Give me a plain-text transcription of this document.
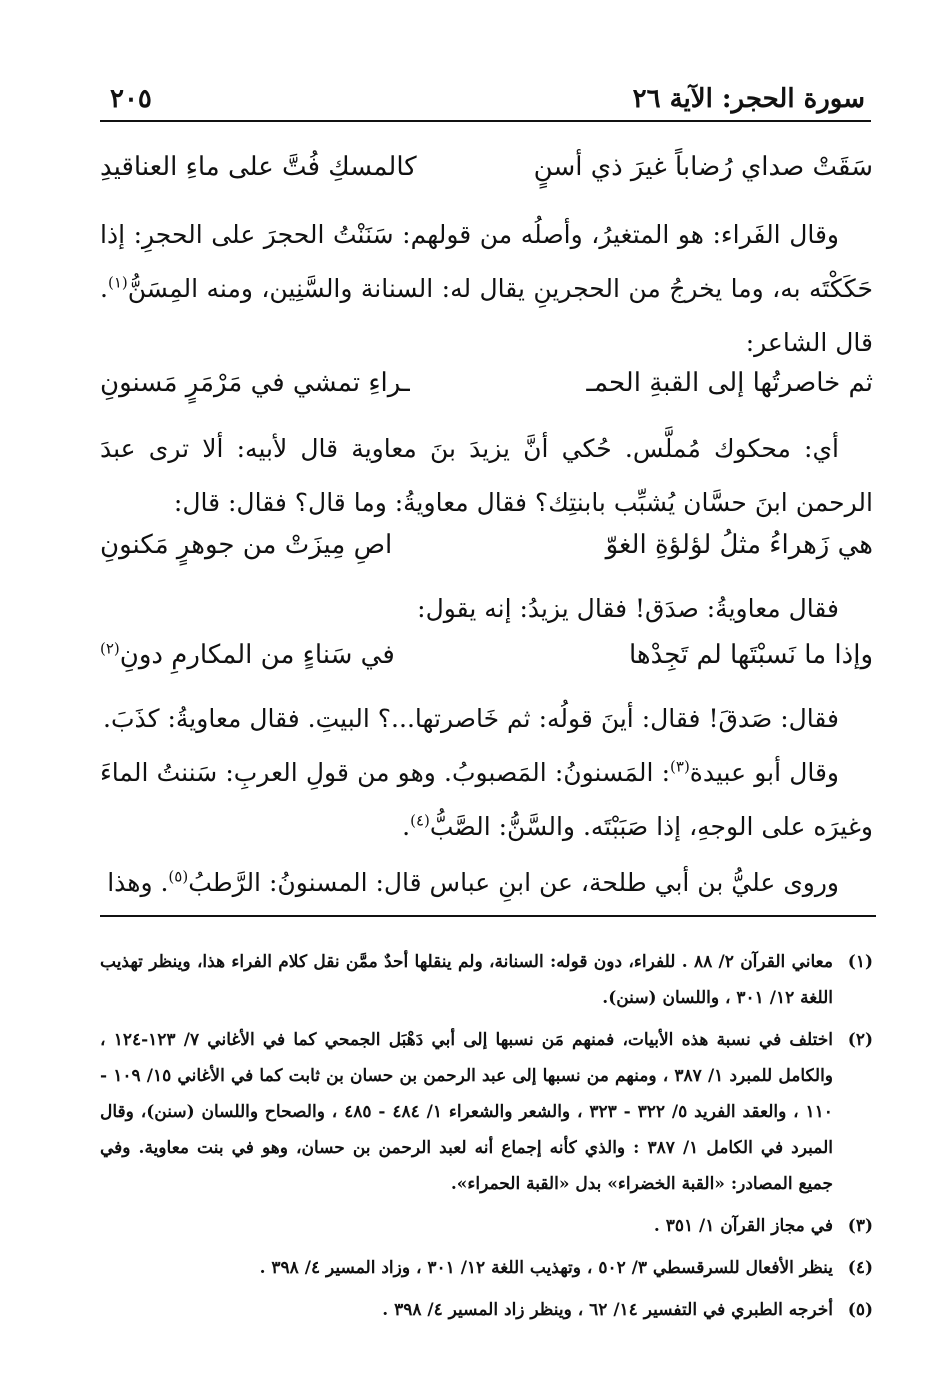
سورة الحجر: الآية ٢٦
٢٠٥
سَقَتْ صداي رُضاباً غيرَ ذي أسنٍ
كالمسكِ فُتَّ على ماءِ العناقيدِ
وقال الفَراء: هو المتغيرُ، وأصلُه من قولهم: سَنَنْتُ الحجرَ على الحجرِ: إذا حَكَكْتَه به، وما يخرجُ من الحجرينِ يقال له: السنانة والسَّنِين، ومنه المِسَنُّ$^{(١)}$. قال الشاعر:
ثم خاصرتُها إلى القبةِ الحمـ
ـراءِ تمشي في مَرْمَرٍ مَسنونِ
أي: محكوك مُملَّس. حُكي أنَّ يزيدَ بنَ معاوية قال لأبيه: ألا ترى عبدَ الرحمن ابنَ حسَّان يُشبِّب بابنتِك؟ فقال معاويةُ: وما قال؟ فقال: قال:
هي زَهراءُ مثلُ لؤلؤةِ الغوّ
اصِ مِيزَتْ من جوهرٍ مَكنونِ
فقال معاويةُ: صدَق! فقال يزيدُ: إنه يقول:
وإذا ما نَسبْتَها لم تَجِدْها
في سَناءٍ من المكارمِ دونِ$^{(٢)}$
فقال: صَدقَ! فقال: أينَ قولُه: ثم خَاصرتها...؟ البيتِ. فقال معاويةُ: كذَبَ.
وقال أبو عبيدة$^{(٣)}$: المَسنونُ: المَصبوبُ. وهو من قولِ العربِ: سَننتُ الماءَ وغيرَه على الوجهِ، إذا صَبَبْتَه. والسَّنُّ: الصَّبُّ$^{(٤)}$.
وروى عليُّ بن أبي طلحة، عن ابنِ عباس قال: المسنونُ: الرَّطبُ$^{(٥)}$. وهذا
(١)
معاني القرآن ٢/ ٨٨ . للفراء، دون قوله: السنانة، ولم ينقلها أحدٌ ممَّن نقل كلام الفراء هذا، وينظر تهذيب اللغة ١٢/ ٣٠١ ، واللسان (سنن).
(٢)
اختلف في نسبة هذه الأبيات، فمنهم مَن نسبها إلى أبي دَهْبَل الجمحي كما في الأغاني ٧/ ١٢٣-١٢٤ ، والكامل للمبرد ١/ ٣٨٧ ، ومنهم من نسبها إلى عبد الرحمن بن حسان بن ثابت كما في الأغاني ١٥/ ١٠٩ - ١١٠ ، والعقد الفريد ٥/ ٣٢٢ - ٣٢٣ ، والشعر والشعراء ١/ ٤٨٤ - ٤٨٥ ، والصحاح واللسان (سنن)، وقال المبرد في الكامل ١/ ٣٨٧ : والذي كأنه إجماع أنه لعبد الرحمن بن حسان، وهو في بنت معاوية. وفي جميع المصادر: «القبة الخضراء» بدل «القبة الحمراء».
(٣)
في مجاز القرآن ١/ ٣٥١ .
(٤)
ينظر الأفعال للسرقسطي ٣/ ٥٠٢ ، وتهذيب اللغة ١٢/ ٣٠١ ، وزاد المسير ٤/ ٣٩٨ .
(٥)
أخرجه الطبري في التفسير ١٤/ ٦٢ ، وينظر زاد المسير ٤/ ٣٩٨ .
